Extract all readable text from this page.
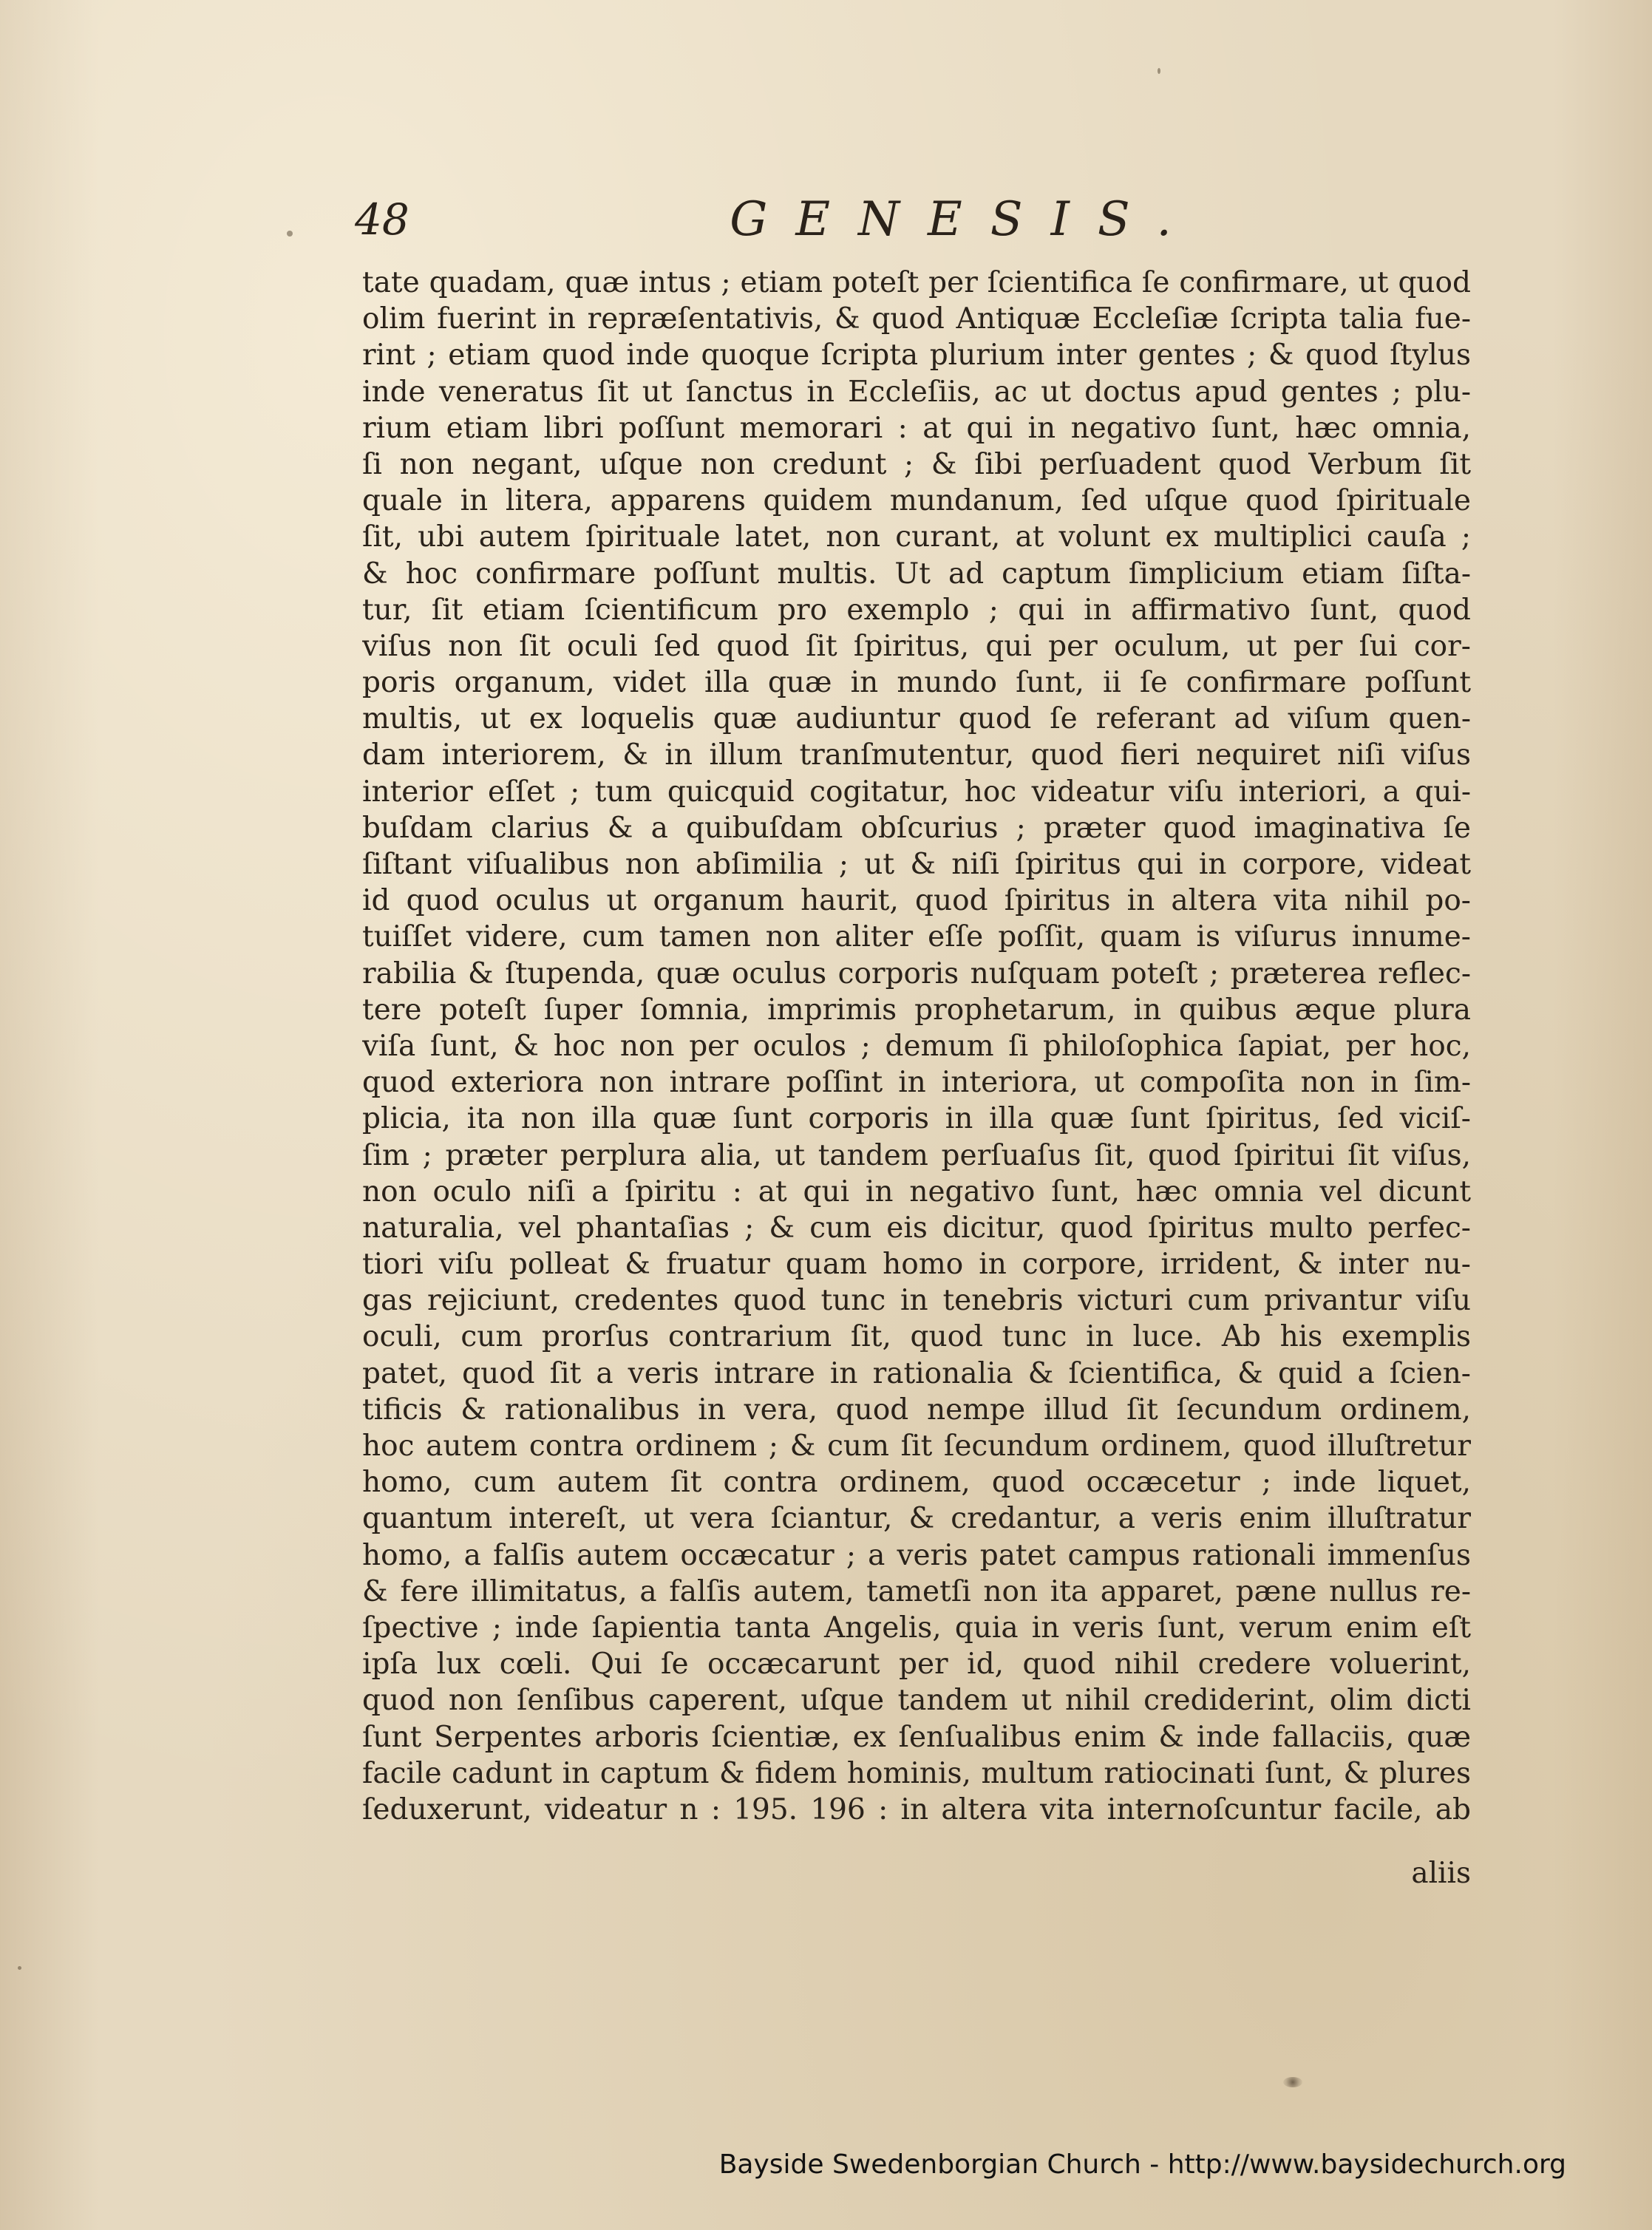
48	GENESIS.
tate quadam, quæ intus ; etiam poteſt per ſcientifica ſe confirmare, ut quod
olim fuerint in repræſentativis, & quod Antiquæ Eccleſiæ ſcripta talia fue-
rint ; etiam quod inde quoque ſcripta plurium inter gentes ; & quod ſtylus
inde veneratus ſit ut ſanctus in Eccleſiis, ac ut doctus apud gentes ; plu-
rium etiam libri poſſunt memorari : at qui in negativo ſunt, hæc omnia,
ſi non negant, uſque non credunt ; & ſibi perſuadent quod Verbum ſit
quale in litera, apparens quidem mundanum, ſed uſque quod ſpirituale
ſit, ubi autem ſpirituale latet, non curant, at volunt ex multiplici cauſa ;
& hoc confirmare poſſunt multis. Ut ad captum ſimplicium etiam ſiſta-
tur, ſit etiam ſcientificum pro exemplo ; qui in affirmativo ſunt, quod
viſus non ſit oculi ſed quod ſit ſpiritus, qui per oculum, ut per ſui cor-
poris organum, videt illa quæ in mundo ſunt, ii ſe confirmare poſſunt
multis, ut ex loquelis quæ audiuntur quod ſe referant ad viſum quen-
dam interiorem, & in illum tranſmutentur, quod fieri nequiret niſi viſus
interior eſſet ; tum quicquid cogitatur, hoc videatur viſu interiori, a qui-
buſdam clarius & a quibuſdam obſcurius ; præter quod imaginativa ſe
ſiſtant viſualibus non abſimilia ; ut & niſi ſpiritus qui in corpore, videat
id quod oculus ut organum haurit, quod ſpiritus in altera vita nihil po-
tuiſſet videre, cum tamen non aliter eſſe poſſit, quam is viſurus innume-
rabilia & ſtupenda, quæ oculus corporis nuſquam poteſt ; præterea reflec-
tere poteſt ſuper ſomnia, imprimis prophetarum, in quibus æque plura
viſa ſunt, & hoc non per oculos ; demum ſi philoſophica ſapiat, per hoc,
quod exteriora non intrare poſſint in interiora, ut compoſita non in ſim-
plicia, ita non illa quæ ſunt corporis in illa quæ ſunt ſpiritus, ſed viciſ-
ſim ; præter perplura alia, ut tandem perſuaſus ſit, quod ſpiritui ſit viſus,
non oculo niſi a ſpiritu : at qui in negativo ſunt, hæc omnia vel dicunt
naturalia, vel phantaſias ; & cum eis dicitur, quod ſpiritus multo perfec-
tiori viſu polleat & fruatur quam homo in corpore, irrident, & inter nu-
gas rejiciunt, credentes quod tunc in tenebris victuri cum privantur viſu
oculi, cum prorſus contrarium ſit, quod tunc in luce. Ab his exemplis
patet, quod ſit a veris intrare in rationalia & ſcientifica, & quid a ſcien-
tificis & rationalibus in vera, quod nempe illud ſit ſecundum ordinem,
hoc autem contra ordinem ; & cum ſit ſecundum ordinem, quod illuſtretur
homo, cum autem ſit contra ordinem, quod occæcetur ; inde liquet,
quantum intereſt, ut vera ſciantur, & credantur, a veris enim illuſtratur
homo, a falſis autem occæcatur ; a veris patet campus rationali immenſus
& fere illimitatus, a falſis autem, tametſi non ita apparet, pæne nullus re-
ſpective ; inde ſapientia tanta Angelis, quia in veris ſunt, verum enim eſt
ipſa lux cœli. Qui ſe occæcarunt per id, quod nihil credere voluerint,
quod non ſenſibus caperent, uſque tandem ut nihil crediderint, olim dicti
ſunt Serpentes arboris ſcientiæ, ex ſenſualibus enim & inde fallaciis, quæ
facile cadunt in captum & fidem hominis, multum ratiocinati ſunt, & plures
ſeduxerunt, videatur n : 195. 196 : in altera vita internoſcuntur facile, ab
aliis
Bayside Swedenborgian Church - http://www.baysidechurch.org
